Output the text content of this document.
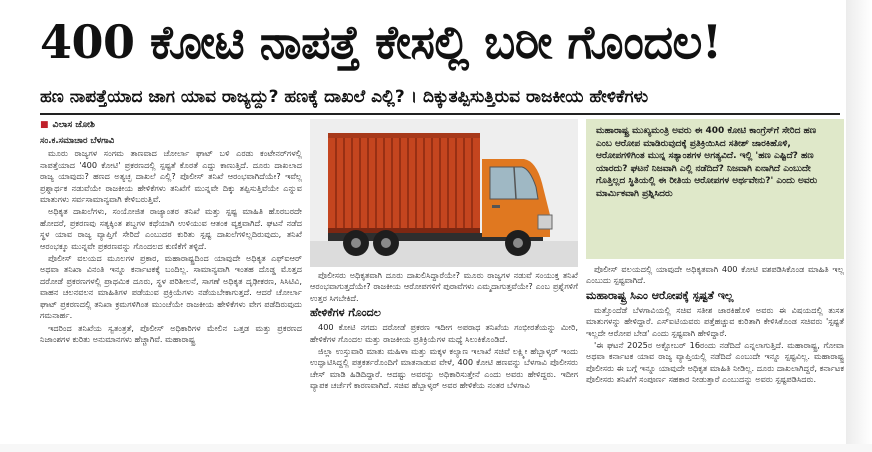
400 ಕೋಟಿ ನಾಪತ್ತೆ ಕೇಸಲ್ಲಿ ಬರೀ ಗೊಂದಲ!
ಹಣ ನಾಪತ್ತೆಯಾದ ಜಾಗ ಯಾವ ರಾಜ್ಯದ್ದು? ಹಣಕ್ಕೆ ದಾಖಲೆ ಎಲ್ಲಿ? । ದಿಕ್ಕುತಪ್ಪಿಸುತ್ತಿರುವ ರಾಜಕೀಯ ಹೇಳಿಕೆಗಳು
■ ವಿಲಾಸ ಜೋಶಿ
ಸಂ.ಕ.ಸಮಾಚಾರ ಬೆಳಗಾವಿ

ಮೂರು ರಾಜ್ಯಗಳ ಸಂಗಮ ತಾಣವಾದ ಚೋರ್ಲಾ ಘಾಟ್ ಬಳಿ ಎರಡು ಕಂಟೇನರ್‌ಗಳಲ್ಲಿ ನಾಪತ್ತೆಯಾದ '400 ಕೋಟಿ' ಪ್ರಕರಣದಲ್ಲಿ ಸ್ಪಷ್ಟತೆ ಕೊರತೆ ಎದ್ದು ಕಾಣುತ್ತಿದೆ. ದೂರು ದಾಖಲಾದ ರಾಜ್ಯ ಯಾವುದು? ಹಣದ ಅತ್ಯಚ್ಛ ದಾಖಲೆ ಎಲ್ಲಿ? ಪೊಲೀಸ್ ತನಿಖೆ ಆರಂಭವಾಗಿದೆಯೇ? ಇವೆಲ್ಲ ಪ್ರಶ್ನಾರ್ಥಕ ನಡುವೆಯೇ ರಾಜಕೀಯ ಹೇಳಿಕೆಗಳು ತನಿಖೆಗೆ ಮುನ್ನವೇ ದಿಕ್ಕು ತಪ್ಪಿಸುತ್ತಿವೆಯೇ ಎನ್ನುವ ಮಾತುಗಳು ಸರ್ವಸಾಮಾನ್ಯವಾಗಿ ಕೇಳಿಬರುತ್ತಿವೆ.

ಅಧಿಕೃತ ದಾಖಲೆಗಳು, ಸಂಯೋಜಿತ ರಾಜ್ಯಾಂತರ ತನಿಖೆ ಮತ್ತು ಸ್ಪಷ್ಟ ಮಾಹಿತಿ ಹೊರಬರದೇ ಹೋದರೆ, ಪ್ರಕರಣವು ಸತ್ಯಕ್ಕಿಂತ ಶಬ್ದಗಳ ಕಥೆಯಾಗಿ ಉಳಿಯುವ ಆತಂಕ ವ್ಯಕ್ತವಾಗಿದೆ. ಘಟನೆ ನಡೆದ ಸ್ಥಳ ಯಾವ ರಾಜ್ಯ ವ್ಯಾಪ್ತಿಗೆ ಸೇರಿದೆ ಎಂಬುದರ ಕುರಿತು ಸ್ಪಷ್ಟ ದಾಖಲೆಗಳಿಲ್ಲದಿರುವುದು, ತನಿಖೆ ಆರಂಭಕ್ಕೂ ಮುನ್ನವೇ ಪ್ರಕರಣವನ್ನು ಗೊಂದಲದ ಕುಣಿಕೆಗೆ ತಳ್ಳಿದೆ.

ಪೊಲೀಸ್ ವಲಯದ ಮೂಲಗಳ ಪ್ರಕಾರ, ಮಹಾರಾಷ್ಟ್ರದಿಂದ ಯಾವುದೇ ಅಧಿಕೃತ ಎಫ್‌ಐಆರ್ ಅಥವಾ ತನಿಖಾ ವಿನಂತಿ ಇನ್ನೂ ಕರ್ನಾಟಕಕ್ಕೆ ಬಂದಿಲ್ಲ. ಸಾಮಾನ್ಯವಾಗಿ ಇಂತಹ ದೊಡ್ಡ ಮೊತ್ತದ ದರೋಡೆ ಪ್ರಕರಣಗಳಲ್ಲಿ ಪ್ರಾಥಮಿಕ ದೂರು, ಸ್ಥಳ ಪರಿಶೀಲನೆ, ಸಾಗಣೆ ಅಧಿಕೃತ ದೃಢೀಕರಣ, ಸಿಸಿಟಿವಿ, ವಾಹನ ಚಲನವಲನ ಮಾಹಿತಿಗಳ ಪಡೆಯುವ ಪ್ರಕ್ರಿಯೆಗಳು ನಡೆಯಬೇಕಾಗುತ್ತದೆ. ಆದರೆ ಚೋರ್ಲಾ ಘಾಟ್ ಪ್ರಕರಣದಲ್ಲಿ ತನಿಖಾ ಕ್ರಮಗಳಿಗಿಂತ ಮುಂಚೆಯೇ ರಾಜಕೀಯ ಹೇಳಿಕೆಗಳು ವೇಗ ಪಡೆದಿರುವುದು ಗಮನಾರ್ಹ.

ಇದರಿಂದ ತನಿಖೆಯ ಸ್ವತಂತ್ರತೆ, ಪೊಲೀಸ್ ಅಧಿಕಾರಿಗಳ ಮೇಲಿನ ಒತ್ತಡ ಮತ್ತು ಪ್ರಕರಣದ ನಿಜಾಂಶಗಳ ಕುರಿತು ಅನುಮಾನಗಳು ಹೆಚ್ಚಾಗಿವೆ. ಮಹಾರಾಷ್ಟ್ರ

ಪೊಲೀಸರು ಅಧಿಕೃತವಾಗಿ ದೂರು ದಾಖಲಿಸಿದ್ದಾರೆಯೇ? ಮೂರು ರಾಜ್ಯಗಳ ನಡುವೆ ಸಂಯುಕ್ತ ತನಿಖೆ ಆರಂಭವಾಗುತ್ತದೆಯೇ? ರಾಜಕೀಯ ಆರೋಪಗಳಿಗೆ ಪುರಾವೆಗಳು ಎಮ್ಮದಾಗುತ್ತವೆಯೇ? ಎಂಬ ಪ್ರಶ್ನೆಗಳಿಗೆ ಉತ್ತರ ಸಿಗಬೇಕಿದೆ.

ಹೇಳಿಕೆಗಳ ಗೊಂದಲ

400 ಕೋಟಿ ನಗದು ದರೋಡೆ ಪ್ರಕರಣ ಇದೀಗ ಅಪರಾಧ ತನಿಖೆಯ ಗಂಭೀರತೆಯನ್ನು ಮೀರಿ, ಹೇಳಿಕೆಗಳ ಗೊಂದಲ ಮತ್ತು ರಾಜಕೀಯ ಪ್ರತಿಕ್ರಿಯೆಗಳ ಮಧ್ಯೆ ಸಿಲುಕಿಕೊಂಡಿದೆ.

ಜಿಲ್ಲಾ ಉಸ್ತುವಾರಿ ಮಾತು ಮಹಿಳಾ ಮತ್ತು ಮಕ್ಕಳ ಕಲ್ಯಾಣ ಇಲಾಖೆ ಸಚಿವೆ ಲಕ್ಷ್ಮೀ ಹೆಬ್ಬಾಳ್ಕರ್ ಇಂದು ಉದ್ಘಾಟಿಸಿದ್ದಲ್ಲಿ ಪತ್ರಕರ್ತರೊಂದಿಗೆ ಮಾತನಾಡುವ ವೇಳೆ, 400 ಕೋಟಿ ಹಣವನ್ನು ಬೆಳಗಾವಿ ಪೊಲೀಸರು ಚೇಸ್ ಮಾಡಿ ಹಿಡಿದಿದ್ದಾರೆ. ಆದಷ್ಟು ಅವರನ್ನು ಅಧಿಕಾರಿಸುತ್ತೇನೆ ಎಂದು ಅವರು ಹೇಳಿದ್ದರು. ಇದೀಗ ವ್ಯಾಪಕ ಚರ್ಚೆಗೆ ಕಾರಣವಾಗಿದೆ. ಸಚಿವ ಹೆಬ್ಬಾಳ್ಕರ್ ಅವರ ಹೇಳಿಕೆಯ ನಂತರ ಬೆಳಗಾವಿ

ಮಹಾರಾಷ್ಟ್ರ ಮುಖ್ಯಮಂತ್ರಿ ಅವರು ಈ 400 ಕೋಟಿ ಕಾಂಗ್ರೆಸ್‌ಗೆ ಸೇರಿದ ಹಣ ಎಂಬ ಆರೋಪ ಮಾಡಿರುವುದಕ್ಕೆ ಪ್ರತಿಕ್ರಿಯಿಸಿದ ಸತೀಶ್ ಜಾರಕಿಹೊಳಿ, ಆರೋಪಗಳಿಗಿಂತ ಮುನ್ನ ಸತ್ಯಾಂಶಗಳ ಅಗತ್ಯವಿದೆ. ಇಲ್ಲಿ 'ಹಣ ಎಷ್ಟಿದೆ? ಹಣ ಯಾರದು? ಘಟನೆ ನಿಜವಾಗಿ ಎಲ್ಲಿ ನಡೆದಿದೆ? ನಿಜವಾಗಿ ಏನಾಗಿದೆ ಎಂಬುದೇ ಗೊತ್ತಿಲ್ಲದ ಸ್ಥಿತಿಯಲ್ಲಿ ಈ ರೀತಿಯ ಆರೋಪಗಳ ಅರ್ಥವೇನು?' ಎಂದು ಅವರು ಮಾರ್ಮಿಕವಾಗಿ ಪ್ರಶ್ನಿಸಿದರು

ಪೊಲೀಸ್ ವಲಯದಲ್ಲಿ ಯಾವುದೇ ಅಧಿಕೃತವಾಗಿ 400 ಕೋಟಿ ವಶಪಡಿಸಿಕೊಂಡ ಮಾಹಿತಿ ಇಲ್ಲ ಎಂಬುದು ಸ್ಪಷ್ಟವಾಗಿದೆ.

ಮಹಾರಾಷ್ಟ್ರ ಸಿಎಂ ಆರೋಪಕ್ಕೆ ಸ್ಪಷ್ಟತೆ ಇಲ್ಲ

ಮತ್ತೊಂದೆಡೆ ಬೆಳಗಾವಿಯಲ್ಲಿ ಸಚಿವ ಸತೀಶ ಜಾರಕಿಹೊಳಿ ಅವರು ಈ ವಿಷಯದಲ್ಲಿ ತುಸತ ಮಾತುಗಳನ್ನು ಹೇಳಿದ್ದಾರೆ. ಎಸ್‌ಐಟಿಯವರು ಪತ್ತೆಹಚ್ಚುವ ಕುರಿತಾಗಿ ಕೇಳಿಸಿಕೊಂಡ ಸಚಿವರು 'ಸ್ಪಷ್ಟತೆ ಇಲ್ಲದೇ ಆರೋಪ ಬೇಡ' ಎಂದು ಸ್ಪಷ್ಟವಾಗಿ ಹೇಳಿದ್ದಾರೆ.

'ಈ ಘಟನೆ 2025ರ ಅಕ್ಟೋಬರ್ 16ರಂದು ನಡೆದಿದೆ ಎನ್ನಲಾಗುತ್ತಿದೆ. ಮಹಾರಾಷ್ಟ್ರ, ಗೋವಾ ಅಥವಾ ಕರ್ನಾಟಕ ಯಾವ ರಾಜ್ಯ ವ್ಯಾಪ್ತಿಯಲ್ಲಿ ನಡೆದಿದೆ ಎಂಬುದೇ ಇನ್ನೂ ಸ್ಪಷ್ಟವಿಲ್ಲ. ಮಹಾರಾಷ್ಟ್ರ ಪೊಲೀಸರು ಈ ಬಗ್ಗೆ ಇನ್ನೂ ಯಾವುದೇ ಅಧಿಕೃತ ಮಾಹಿತಿ ನೀಡಿಲ್ಲ. ದೂರು ದಾಖಲಾಗಿದ್ದರೆ, ಕರ್ನಾಟಕ ಪೊಲೀಸರು ತನಿಖೆಗೆ ಸಂಪೂರ್ಣ ಸಹಕಾರ ನೀಡುತ್ತಾರೆ ಎಂಬುದನ್ನು ಅವರು ಸ್ಪಷ್ಟಪಡಿಸಿದರು.
